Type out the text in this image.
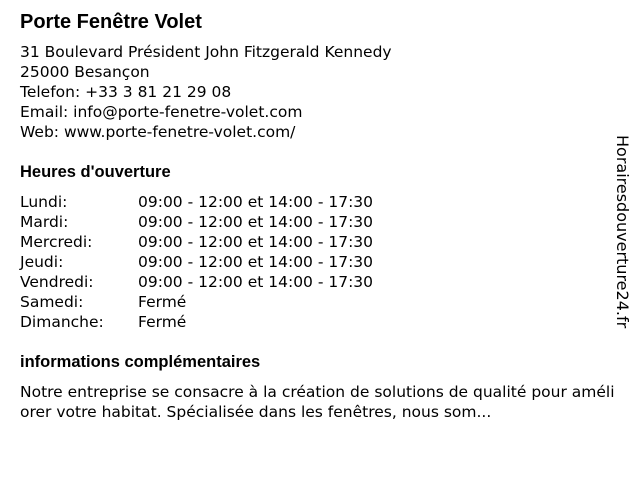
Porte Fenêtre Volet
31 Boulevard Président John Fitzgerald Kennedy
25000 Besançon
Telefon: +33 3 81 21 29 08
Email: info@porte-fenetre-volet.com
Web: www.porte-fenetre-volet.com/
Heures d'ouverture
Lundi:	09:00 - 12:00 et 14:00 - 17:30
Mardi:	09:00 - 12:00 et 14:00 - 17:30
Mercredi:	09:00 - 12:00 et 14:00 - 17:30
Jeudi:	09:00 - 12:00 et 14:00 - 17:30
Vendredi:	09:00 - 12:00 et 14:00 - 17:30
Samedi:	Fermé
Dimanche:	Fermé
informations complémentaires
Notre entreprise se consacre à la création de solutions de qualité pour améliorer votre habitat. Spécialisée dans les fenêtres, nous som...
Horairesdouverture24.fr
